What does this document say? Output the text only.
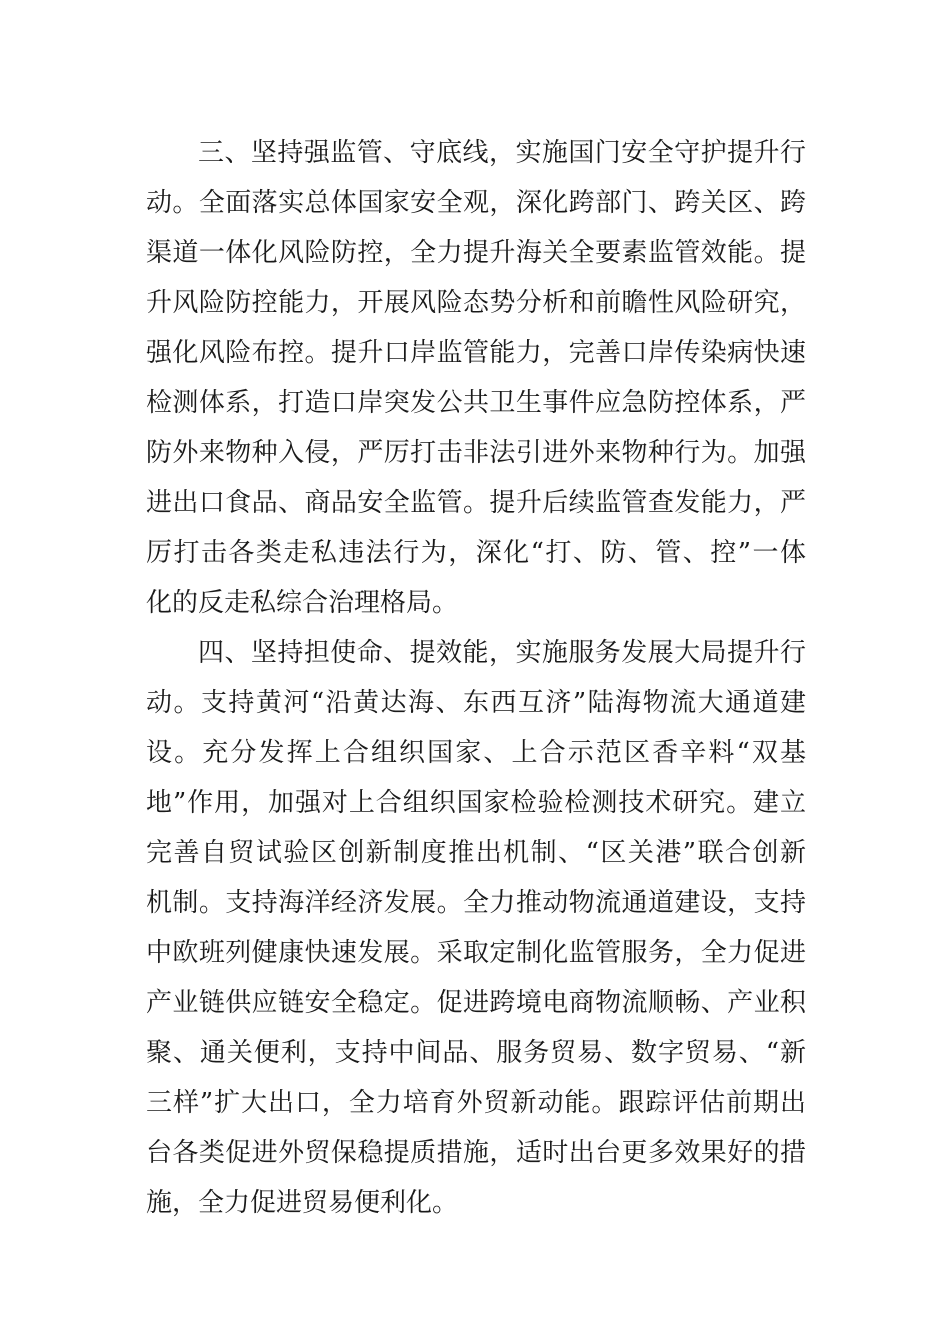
三、坚持强监管、守底线，实施国门安全守护提升行
动。全面落实总体国家安全观，深化跨部门、跨关区、跨
渠道一体化风险防控，全力提升海关全要素监管效能。提
升风险防控能力，开展风险态势分析和前瞻性风险研究，
强化风险布控。提升口岸监管能力，完善口岸传染病快速
检测体系，打造口岸突发公共卫生事件应急防控体系，严
防外来物种入侵，严厉打击非法引进外来物种行为。加强
进出口食品、商品安全监管。提升后续监管查发能力，严
厉打击各类走私违法行为，深化“打、防、管、控”一体
化的反走私综合治理格局。
四、坚持担使命、提效能，实施服务发展大局提升行
动。支持黄河“沿黄达海、东西互济”陆海物流大通道建
设。充分发挥上合组织国家、上合示范区香辛料“双基
地”作用，加强对上合组织国家检验检测技术研究。建立
完善自贸试验区创新制度推出机制、“区关港”联合创新
机制。支持海洋经济发展。全力推动物流通道建设，支持
中欧班列健康快速发展。采取定制化监管服务，全力促进
产业链供应链安全稳定。促进跨境电商物流顺畅、产业积
聚、通关便利，支持中间品、服务贸易、数字贸易、“新
三样”扩大出口，全力培育外贸新动能。跟踪评估前期出
台各类促进外贸保稳提质措施，适时出台更多效果好的措
施，全力促进贸易便利化。
